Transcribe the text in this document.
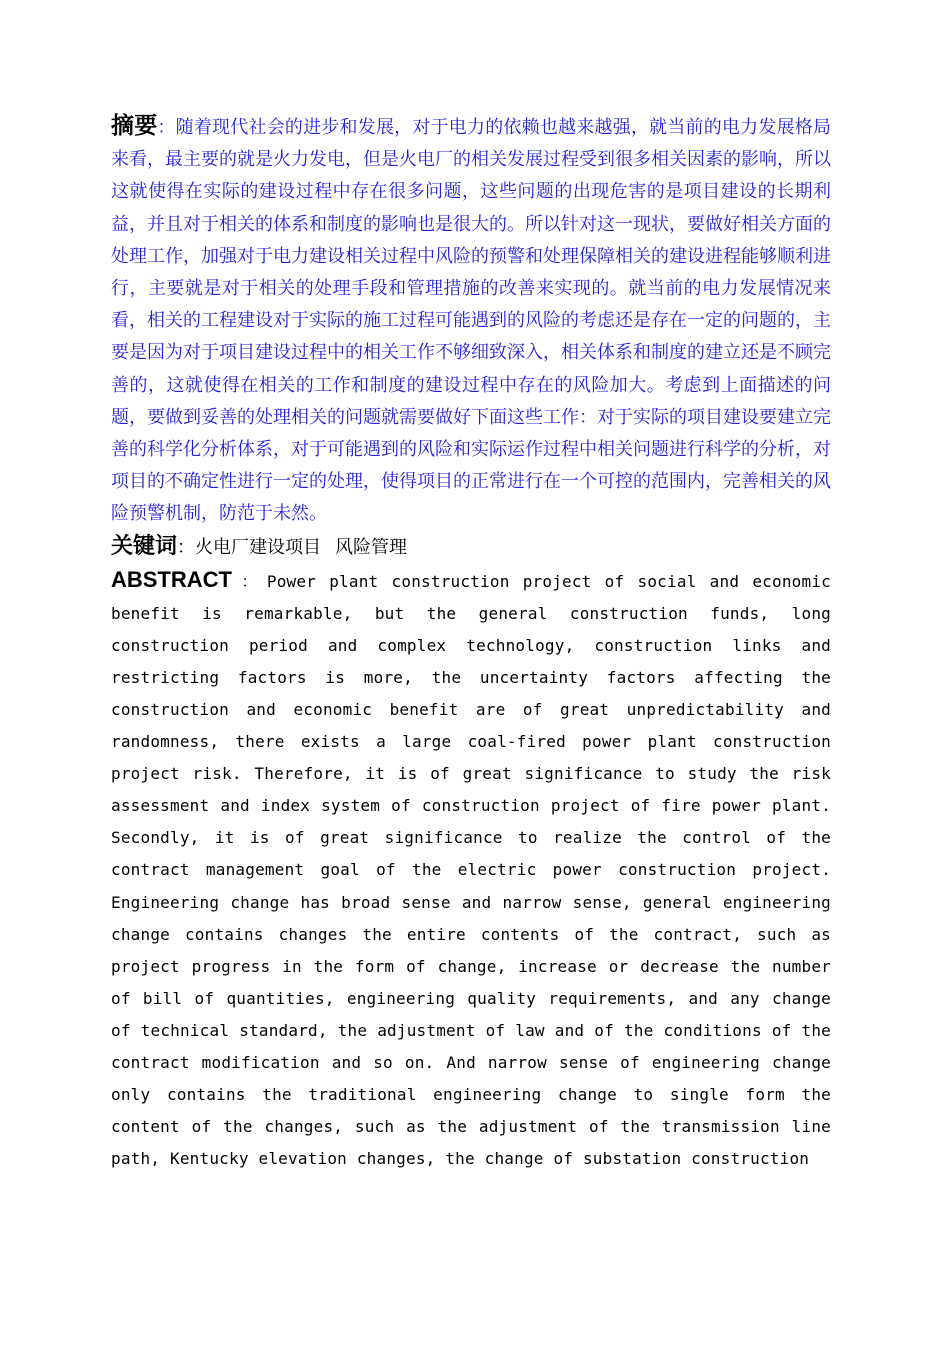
摘要：随着现代社会的进步和发展，对于电力的依赖也越来越强，就当前的电力发展格局来看，最主要的就是火力发电，但是火电厂的相关发展过程受到很多相关因素的影响，所以这就使得在实际的建设过程中存在很多问题，这些问题的出现危害的是项目建设的长期利益，并且对于相关的体系和制度的影响也是很大的。所以针对这一现状，要做好相关方面的处理工作，加强对于电力建设相关过程中风险的预警和处理保障相关的建设进程能够顺利进行，主要就是对于相关的处理手段和管理措施的改善来实现的。就当前的电力发展情况来看，相关的工程建设对于实际的施工过程可能遇到的风险的考虑还是存在一定的问题的，主要是因为对于项目建设过程中的相关工作不够细致深入，相关体系和制度的建立还是不顾完善的，这就使得在相关的工作和制度的建设过程中存在的风险加大。考虑到上面描述的问题，要做到妥善的处理相关的问题就需要做好下面这些工作：对于实际的项目建设要建立完善的科学化分析体系，对于可能遇到的风险和实际运作过程中相关问题进行科学的分析，对项目的不确定性进行一定的处理，使得项目的正常进行在一个可控的范围内，完善相关的风险预警机制，防范于未然。

关键词：火电厂建设项目 风险管理

ABSTRACT ： Power plant construction project of social and economic benefit is remarkable, but the general construction funds, long construction period and complex technology, construction links and restricting factors is more, the uncertainty factors affecting the construction and economic benefit are of great unpredictability and randomness, there exists a large coal-fired power plant construction project risk. Therefore, it is of great significance to study the risk assessment and index system of construction project of fire power plant. Secondly, it is of great significance to realize the control of the contract management goal of the electric power construction project. Engineering change has broad sense and narrow sense, general engineering change contains changes the entire contents of the contract, such as project progress in the form of change, increase or decrease the number of bill of quantities, engineering quality requirements, and any change of technical standard, the adjustment of law and of the conditions of the contract modification and so on. And narrow sense of engineering change only contains the traditional engineering change to single form the content of the changes, such as the adjustment of the transmission line path, Kentucky elevation changes, the change of substation construction
